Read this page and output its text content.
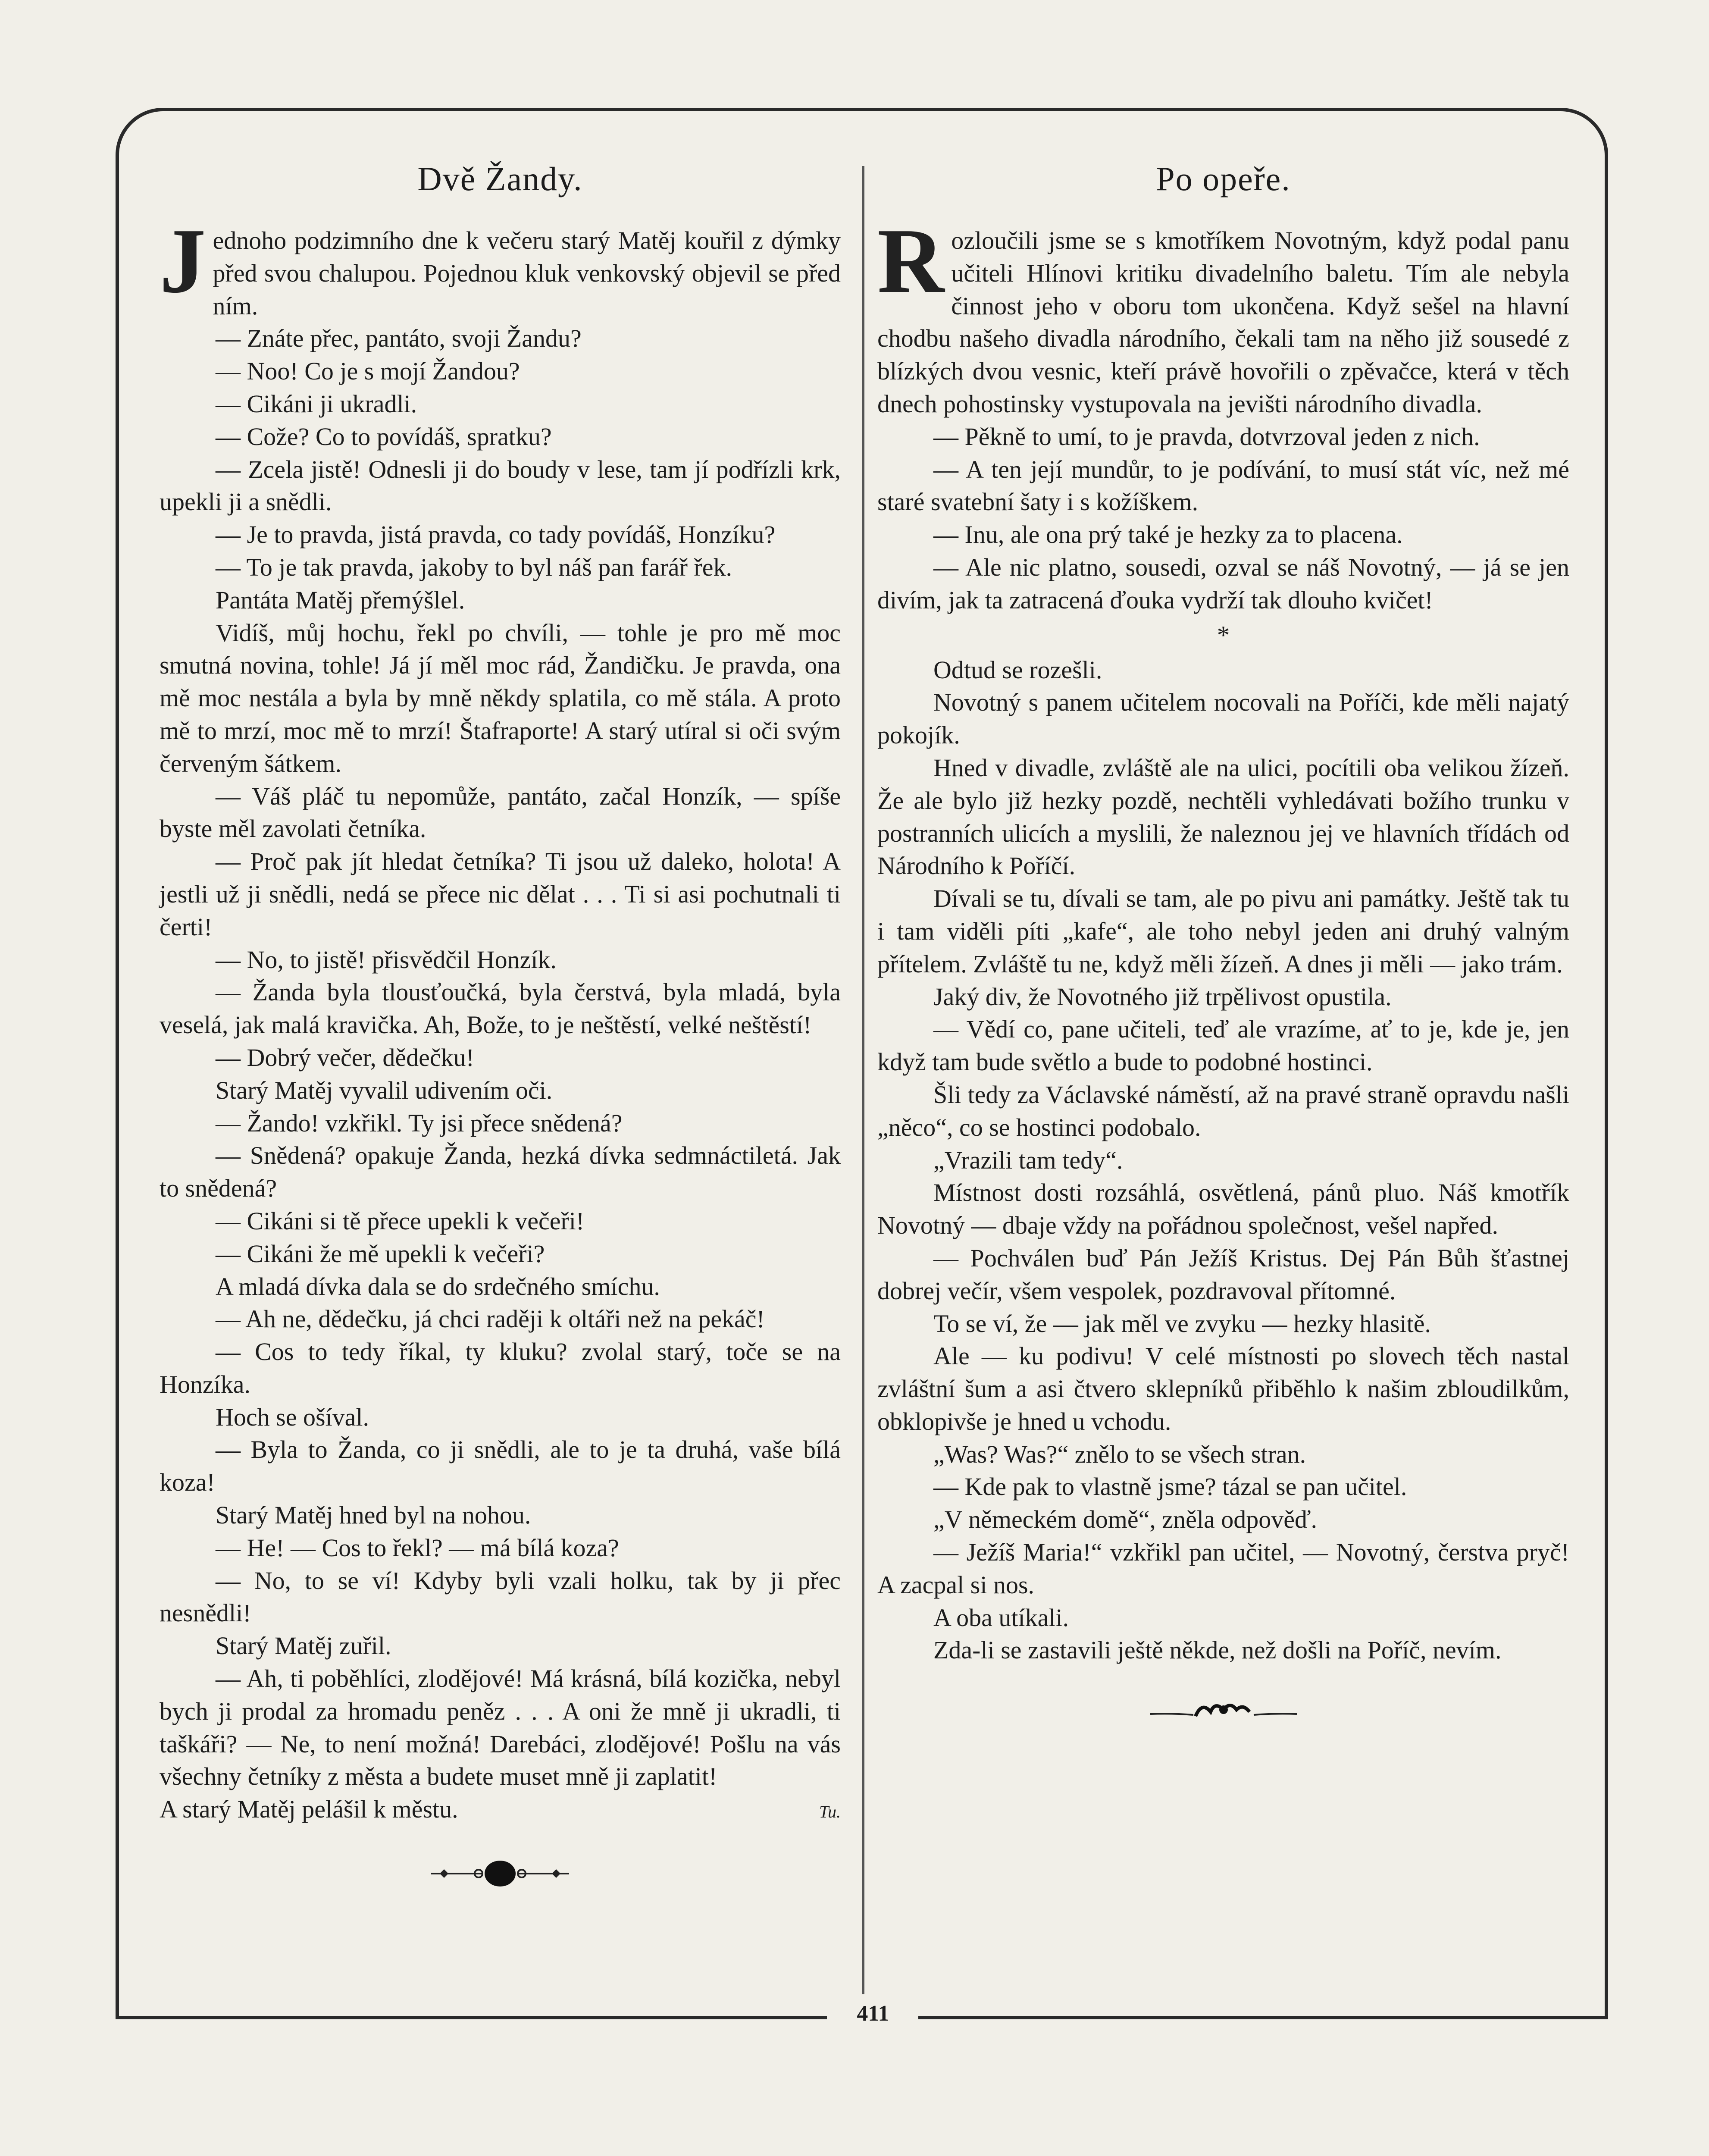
Dvě Žandy.

Jednoho podzimního dne k večeru starý Matěj kouřil z dýmky před svou chalupou. Pojednou kluk venkovský objevil se před ním.

— Znáte přec, pantáto, svoji Žandu?

— Noo! Co je s mojí Žandou?

— Cikáni ji ukradli.

— Cože? Co to povídáš, spratku?

— Zcela jistě! Odnesli ji do boudy v lese, tam jí podřízli krk, upekli ji a snědli.

— Je to pravda, jistá pravda, co tady povídáš, Honzíku?

— To je tak pravda, jakoby to byl náš pan farář řek.

Pantáta Matěj přemýšlel.

Vidíš, můj hochu, řekl po chvíli, — tohle je pro mě moc smutná novina, tohle! Já jí měl moc rád, Žandičku. Je pravda, ona mě moc nestála a byla by mně někdy splatila, co mě stála. A proto mě to mrzí, moc mě to mrzí! Štafraporte! A starý utíral si oči svým červeným šátkem.

— Váš pláč tu nepomůže, pantáto, začal Honzík, — spíše byste měl zavolati četníka.

— Proč pak jít hledat četníka? Ti jsou už daleko, holota! A jestli už ji snědli, nedá se přece nic dělat . . . Ti si asi pochutnali ti čerti!

— No, to jistě! přisvědčil Honzík.

— Žanda byla tlousťoučká, byla čerstvá, byla mladá, byla veselá, jak malá kravička. Ah, Bože, to je neštěstí, velké neštěstí!

— Dobrý večer, dědečku!

Starý Matěj vyvalil udivením oči.

— Žando! vzkřikl. Ty jsi přece snědená?

— Snědená? opakuje Žanda, hezká dívka sedmnáctiletá. Jak to snědená?

— Cikáni si tě přece upekli k večeři!

— Cikáni že mě upekli k večeři?

A mladá dívka dala se do srdečného smíchu.

— Ah ne, dědečku, já chci raději k oltáři než na pekáč!

— Cos to tedy říkal, ty kluku? zvolal starý, toče se na Honzíka.

Hoch se ošíval.

— Byla to Žanda, co ji snědli, ale to je ta druhá, vaše bílá koza!

Starý Matěj hned byl na nohou.

— He! — Cos to řekl? — má bílá koza?

— No, to se ví! Kdyby byli vzali holku, tak by ji přec nesnědli!

Starý Matěj zuřil.

— Ah, ti poběhlíci, zlodějové! Má krásná, bílá kozička, nebyl bych ji prodal za hromadu peněz . . . A oni že mně ji ukradli, ti taškáři? — Ne, to není možná! Darebáci, zlodějové! Pošlu na vás všechny četníky z města a budete muset mně ji zaplatit!

A starý Matěj pelášil k městu.	Tu.

Po opeře.

Rozloučili jsme se s kmotříkem Novotným, když podal panu učiteli Hlínovi kritiku divadelního baletu. Tím ale nebyla činnost jeho v oboru tom ukončena. Když sešel na hlavní chodbu našeho divadla národního, čekali tam na něho již sousedé z blízkých dvou vesnic, kteří právě hovořili o zpěvačce, která v těch dnech pohostinsky vystupovala na jevišti národního divadla.

— Pěkně to umí, to je pravda, dotvrzoval jeden z nich.

— A ten její mundůr, to je podívání, to musí stát víc, než mé staré svatební šaty i s kožíškem.

— Inu, ale ona prý také je hezky za to placena.

— Ale nic platno, sousedi, ozval se náš Novotný, — já se jen divím, jak ta zatracená ďouka vydrží tak dlouho kvičet!

*

Odtud se rozešli.

Novotný s panem učitelem nocovali na Poříči, kde měli najatý pokojík.

Hned v divadle, zvláště ale na ulici, pocítili oba velikou žízeň. Že ale bylo již hezky pozdě, nechtěli vyhledávati božího trunku v postranních ulicích a myslili, že naleznou jej ve hlavních třídách od Národního k Poříčí.

Dívali se tu, dívali se tam, ale po pivu ani památky. Ještě tak tu i tam viděli píti „kafe“, ale toho nebyl jeden ani druhý valným přítelem. Zvláště tu ne, když měli žízeň. A dnes ji měli — jako trám.

Jaký div, že Novotného již trpělivost opustila.

— Vědí co, pane učiteli, teď ale vrazíme, ať to je, kde je, jen když tam bude světlo a bude to podobné hostinci.

Šli tedy za Václavské náměstí, až na pravé straně opravdu našli „něco“, co se hostinci podobalo.

„Vrazili tam tedy“.

Místnost dosti rozsáhlá, osvětlená, pánů pluo. Náš kmotřík Novotný — dbaje vždy na pořádnou společnost, vešel napřed.

— Pochválen buď Pán Ježíš Kristus. Dej Pán Bůh šťastnej dobrej večír, všem vespolek, pozdravoval přítomné.

To se ví, že — jak měl ve zvyku — hezky hlasitě.

Ale — ku podivu! V celé místnosti po slovech těch nastal zvláštní šum a asi čtvero sklepníků přiběhlo k našim zbloudilkům, obklopivše je hned u vchodu.

„Was? Was?“ znělo to se všech stran.

— Kde pak to vlastně jsme? tázal se pan učitel.

„V německém domě“, zněla odpověď.

— Ježíš Maria!“ vzkřikl pan učitel, — Novotný, čerstva pryč! A zacpal si nos.

A oba utíkali.

Zda-li se zastavili ještě někde, než došli na Poříč, nevím.

411
